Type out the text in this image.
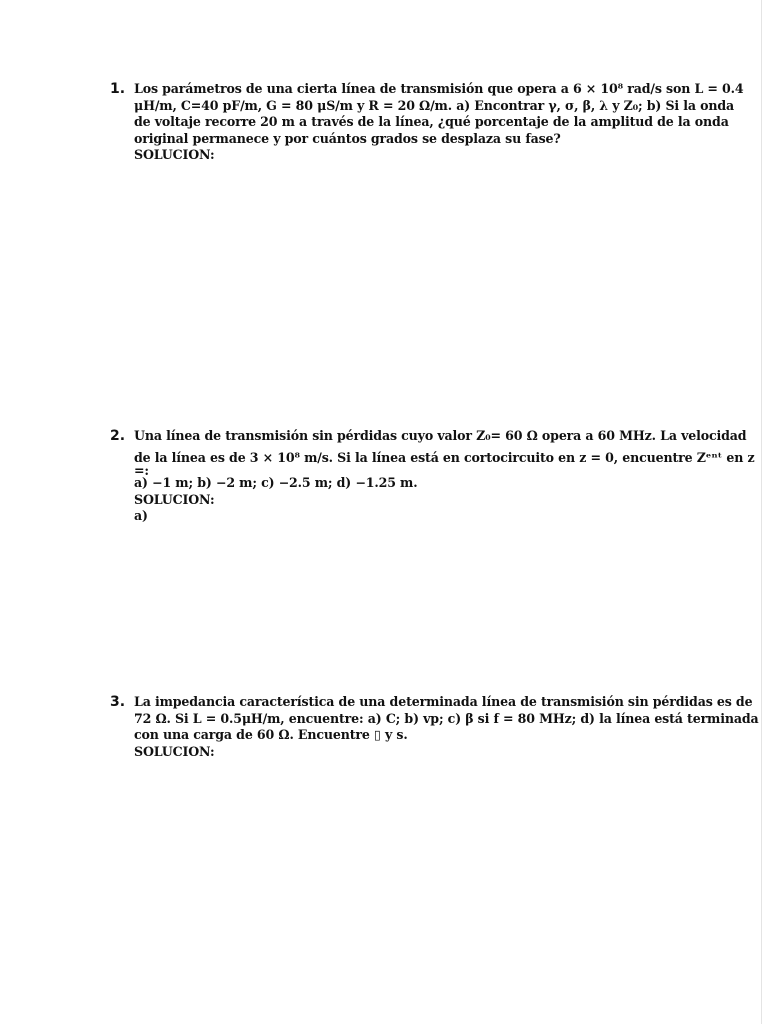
1. Los parámetros de una cierta línea de transmisión que opera a 6 × 10⁸ rad/s son L = 0.4
μH/m, C=40 pF/m, G = 80 μS/m y R = 20 Ω/m. a) Encontrar γ, σ, β, λ y Z₀; b) Si la onda
de voltaje recorre 20 m a través de la línea, ¿qué porcentaje de la amplitud de la onda
original permanece y por cuántos grados se desplaza su fase?
SOLUCION:
2. Una línea de transmisión sin pérdidas cuyo valor Z₀= 60 Ω opera a 60 MHz. La velocidad
de la línea es de 3 × 10⁸ m/s. Si la línea está en cortocircuito en z = 0, encuentre Zᵉⁿᵗ en z
=:
a) −1 m; b) −2 m; c) −2.5 m; d) −1.25 m.
SOLUCION:
a)
3. La impedancia característica de una determinada línea de transmisión sin pérdidas es de
72 Ω. Si L = 0.5μH/m, encuentre: a) C; b) vp; c) β si f = 80 MHz; d) la línea está terminada
con una carga de 60 Ω. Encuentre ▯ y s.
SOLUCION:
